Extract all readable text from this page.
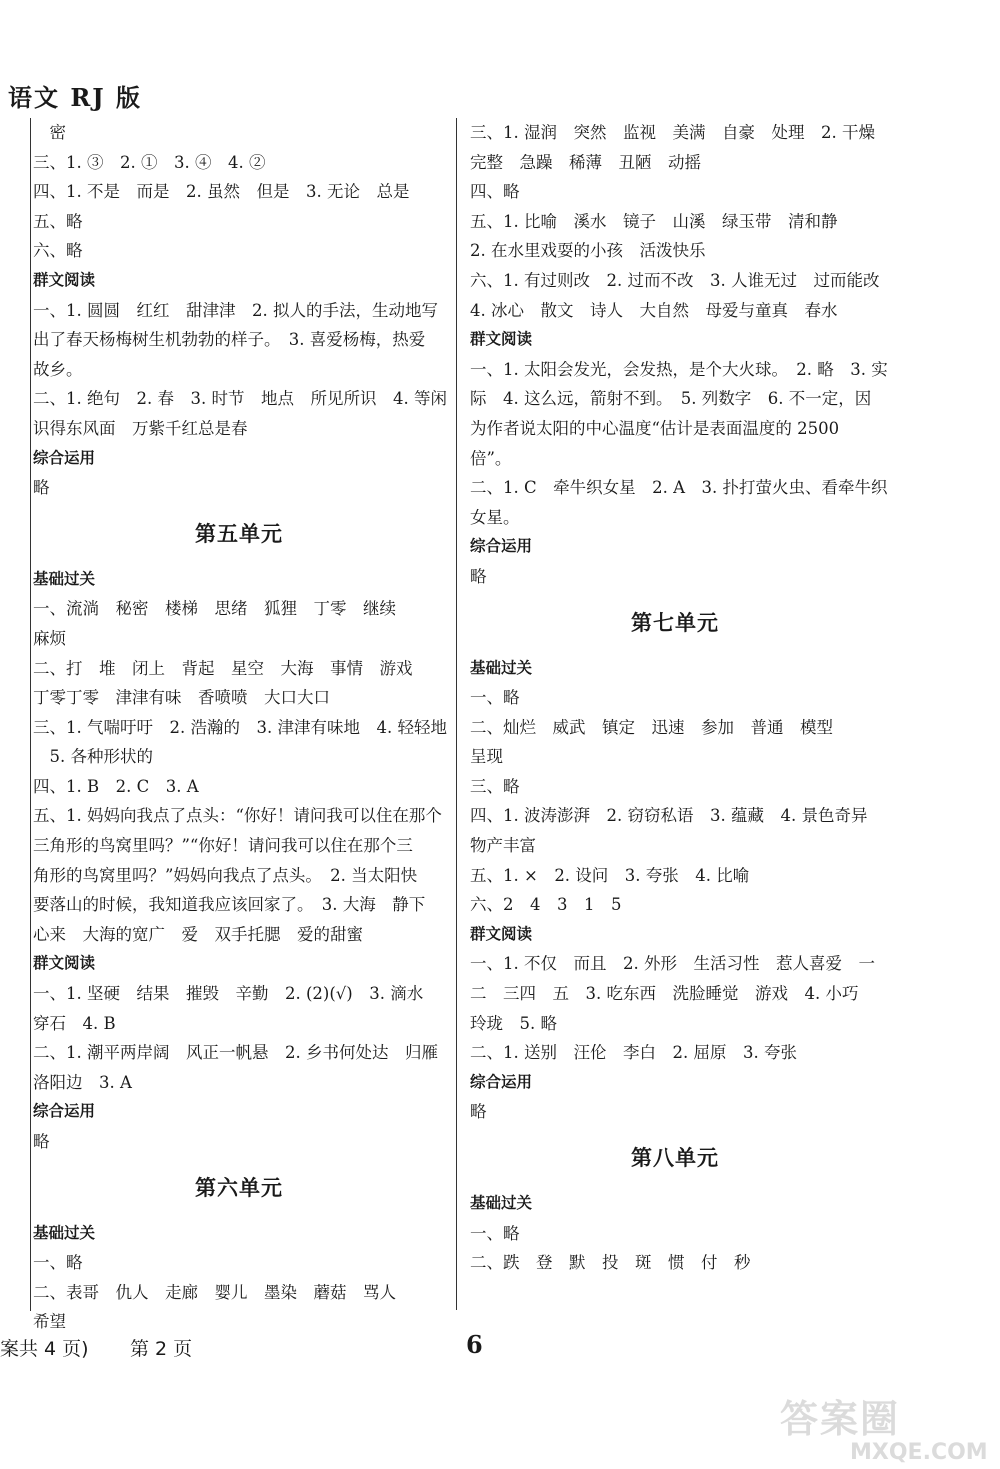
语文 RJ 版
　密
三、1. ③　2. ①　3. ④　4. ②
四、1. 不是　而是　2. 虽然　但是　3. 无论　总是
五、略
六、略
群文阅读
一、1. 圆圆　红红　甜津津　2. 拟人的手法，生动地写
出了春天杨梅树生机勃勃的样子。　3. 喜爱杨梅，热爱
故乡。
二、1. 绝句　2. 春　3. 时节　地点　所见所识　4. 等闲
识得东风面　万紫千红总是春
综合运用
略
第五单元
基础过关
一、流淌　秘密　楼梯　思绪　狐狸　丁零　继续
麻烦
二、打　堆　闭上　背起　星空　大海　事情　游戏
丁零丁零　津津有味　香喷喷　大口大口
三、1. 气喘吁吁　2. 浩瀚的　3. 津津有味地　4. 轻轻地
　5. 各种形状的
四、1. B　2. C　3. A
五、1. 妈妈向我点了点头：“你好！请问我可以住在那个
三角形的鸟窝里吗？”“你好！请问我可以住在那个三
角形的鸟窝里吗？”妈妈向我点了点头。　2. 当太阳快
要落山的时候，我知道我应该回家了。　3. 大海　静下
心来　大海的宽广　爱　双手托腮　爱的甜蜜
群文阅读
一、1. 坚硬　结果　摧毁　辛勤　2. (2)(√)　3. 滴水
穿石　4. B
二、1. 潮平两岸阔　风正一帆悬　2. 乡书何处达　归雁
洛阳边　3. A
综合运用
略
第六单元
基础过关
一、略
二、表哥　仇人　走廊　婴儿　墨染　蘑菇　骂人
希望
三、1. 湿润　突然　监视　美满　自豪　处理　2. 干燥
完整　急躁　稀薄　丑陋　动摇
四、略
五、1. 比喻　溪水　镜子　山溪　绿玉带　清和静
2. 在水里戏耍的小孩　活泼快乐
六、1. 有过则改　2. 过而不改　3. 人谁无过　过而能改
4. 冰心　散文　诗人　大自然　母爱与童真　春水
群文阅读
一、1. 太阳会发光，会发热，是个大火球。　2. 略　3. 实
际　4. 这么远，箭射不到。　5. 列数字　6. 不一定，因
为作者说太阳的中心温度“估计是表面温度的 2500
倍”。
二、1. C　牵牛织女星　2. A　3. 扑打萤火虫、看牵牛织
女星。
综合运用
略
第七单元
基础过关
一、略
二、灿烂　威武　镇定　迅速　参加　普通　模型
呈现
三、略
四、1. 波涛澎湃　2. 窃窃私语　3. 蕴藏　4. 景色奇异
物产丰富
五、1. ×　2. 设问　3. 夸张　4. 比喻
六、2　4　3　1　5
群文阅读
一、1. 不仅　而且　2. 外形　生活习性　惹人喜爱　一
二　三四　五　3. 吃东西　洗脸睡觉　游戏　4. 小巧
玲珑　5. 略
二、1. 送别　汪伦　李白　2. 屈原　3. 夸张
综合运用
略
第八单元
基础过关
一、略
二、跌　登　默　投　斑　惯　付　秒
案共 4 页) 第 2 页	6
答案圈
MXQE.COM
